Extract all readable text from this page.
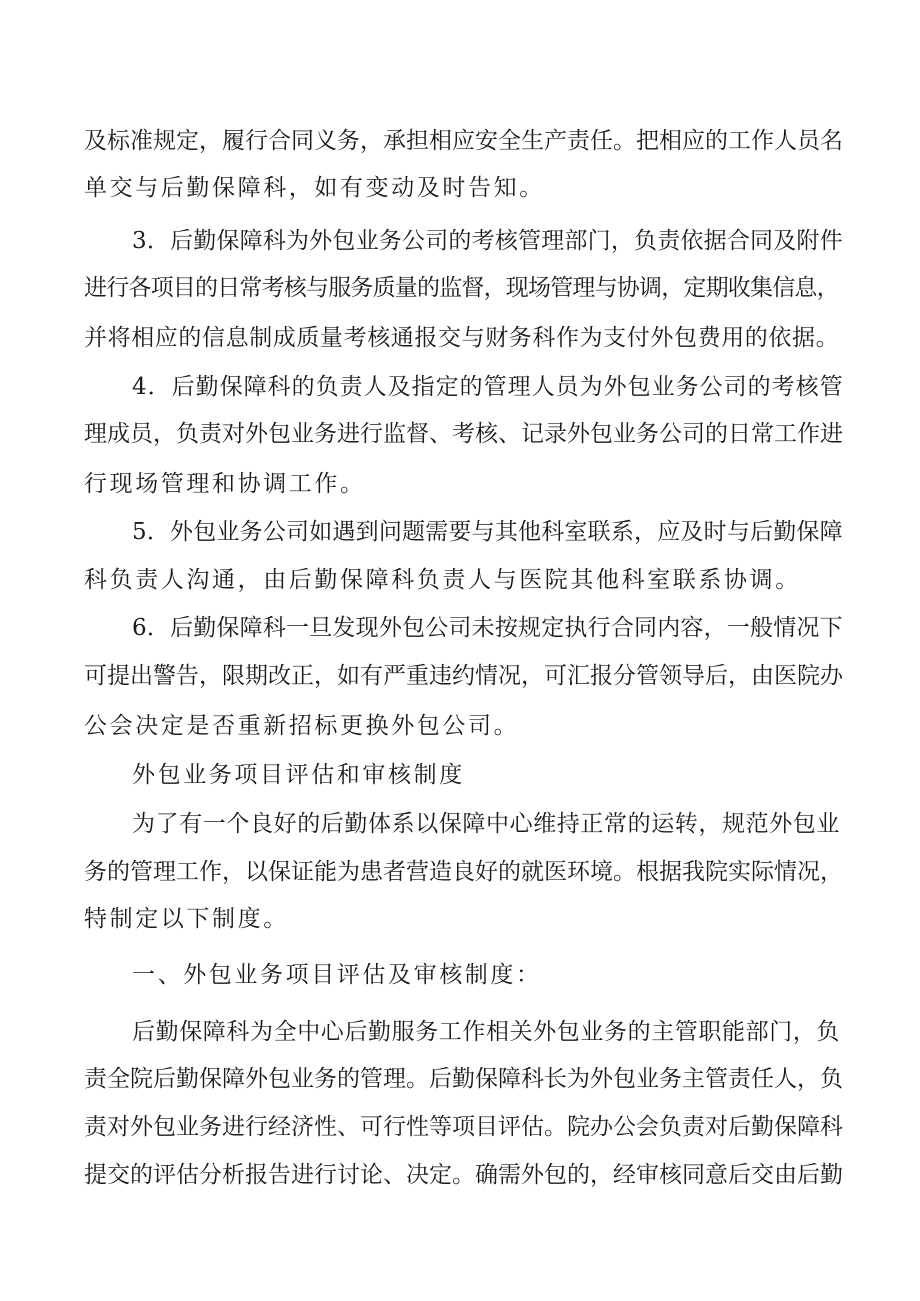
及标准规定，履行合同义务，承担相应安全生产责任。把相应的工作人员名
单交与后勤保障科，如有变动及时告知。
3．后勤保障科为外包业务公司的考核管理部门，负责依据合同及附件
进行各项目的日常考核与服务质量的监督，现场管理与协调，定期收集信息，
并将相应的信息制成质量考核通报交与财务科作为支付外包费用的依据。
4．后勤保障科的负责人及指定的管理人员为外包业务公司的考核管
理成员，负责对外包业务进行监督、考核、记录外包业务公司的日常工作进
行现场管理和协调工作。
5．外包业务公司如遇到问题需要与其他科室联系，应及时与后勤保障
科负责人沟通，由后勤保障科负责人与医院其他科室联系协调。
6．后勤保障科一旦发现外包公司未按规定执行合同内容，一般情况下
可提出警告，限期改正，如有严重违约情况，可汇报分管领导后，由医院办
公会决定是否重新招标更换外包公司。
外包业务项目评估和审核制度
为了有一个良好的后勤体系以保障中心维持正常的运转，规范外包业
务的管理工作，以保证能为患者营造良好的就医环境。根据我院实际情况，
特制定以下制度。
一、外包业务项目评估及审核制度：
后勤保障科为全中心后勤服务工作相关外包业务的主管职能部门，负
责全院后勤保障外包业务的管理。后勤保障科长为外包业务主管责任人，负
责对外包业务进行经济性、可行性等项目评估。院办公会负责对后勤保障科
提交的评估分析报告进行讨论、决定。确需外包的，经审核同意后交由后勤
